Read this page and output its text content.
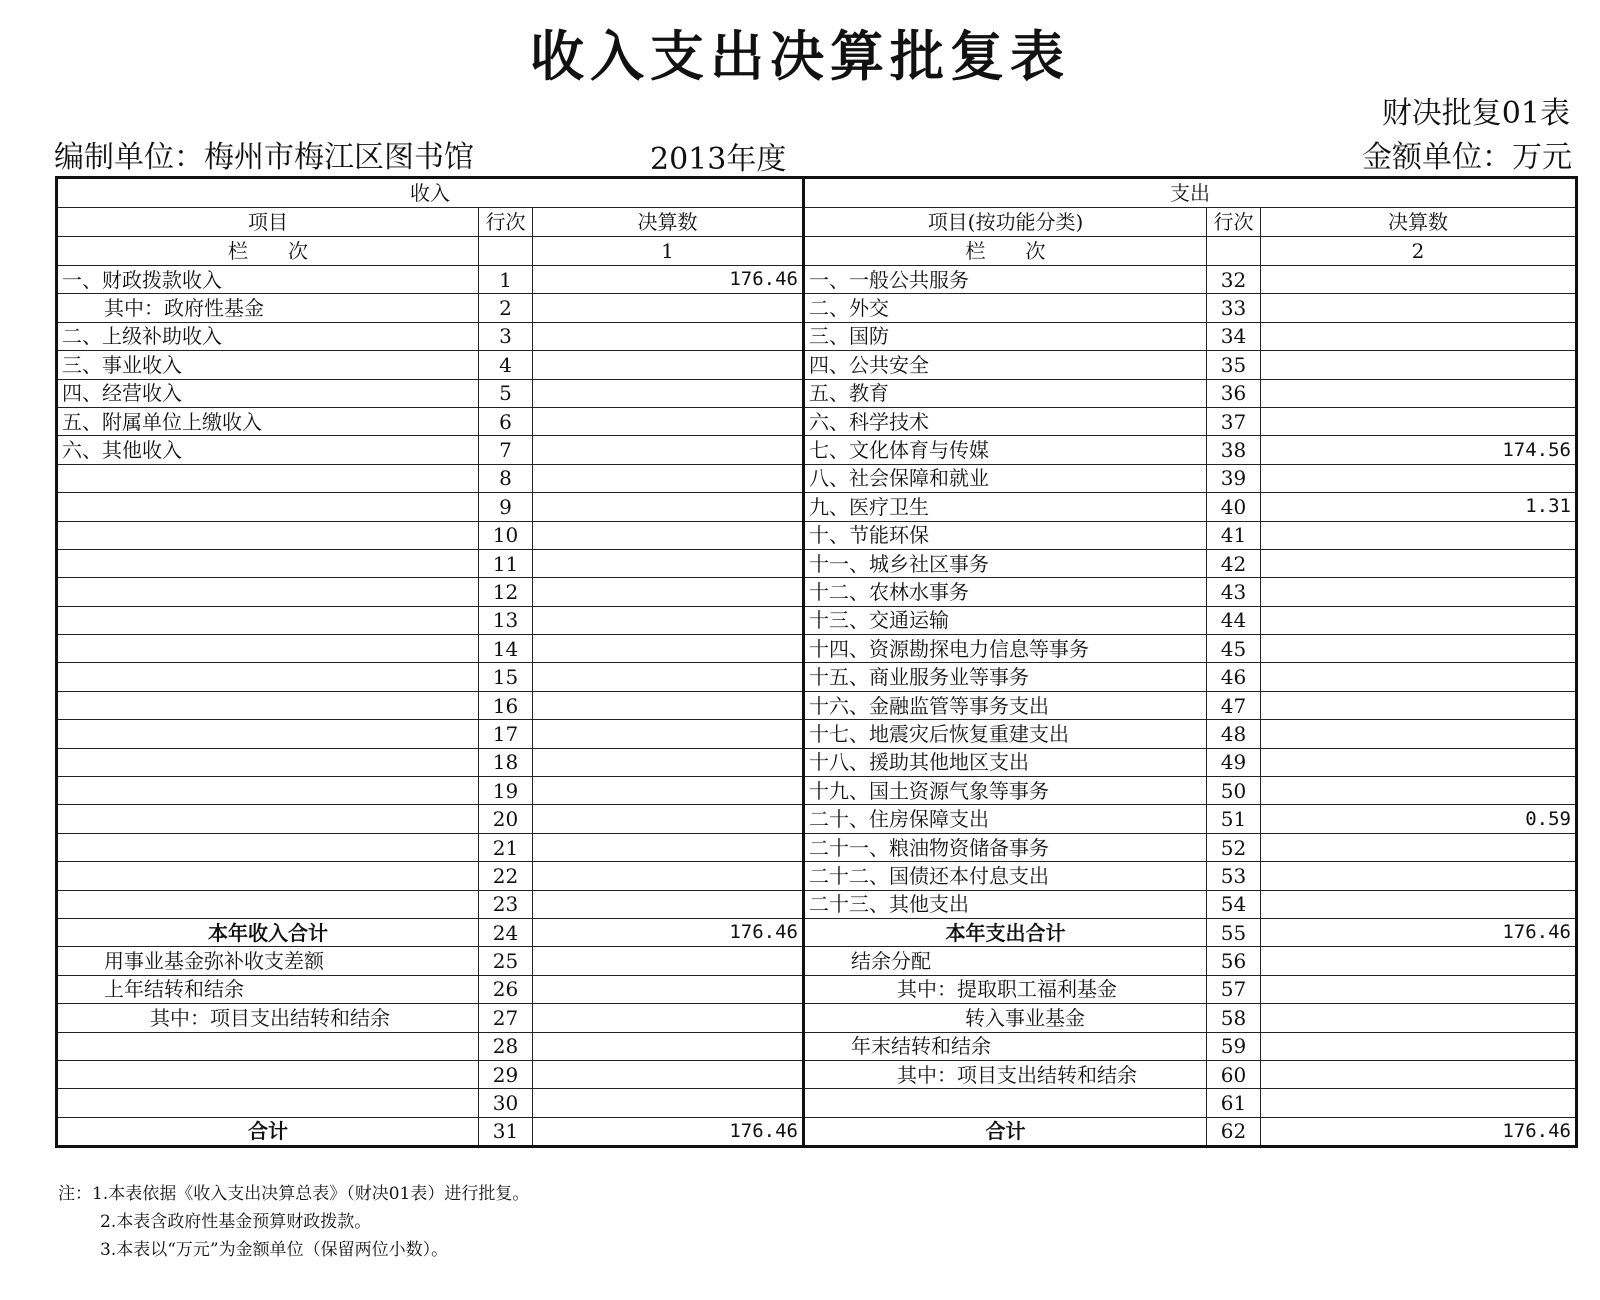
收入支出决算批复表
财决批复01表
编制单位：梅州市梅江区图书馆	2013年度	金额单位：万元
收入			支出		
项目	行次	决算数	项目(按功能分类)	行次	决算数
栏　　次		1	栏　　次		2
一、财政拨款收入	1	176.46	一、一般公共服务	32	
其中：政府性基金	2		二、外交	33	
二、上级补助收入	3		三、国防	34	
三、事业收入	4		四、公共安全	35	
四、经营收入	5		五、教育	36	
五、附属单位上缴收入	6		六、科学技术	37	
六、其他收入	7		七、文化体育与传媒	38	174.56
	8		八、社会保障和就业	39	
	9		九、医疗卫生	40	1.31
	10		十、节能环保	41	
	11		十一、城乡社区事务	42	
	12		十二、农林水事务	43	
	13		十三、交通运输	44	
	14		十四、资源勘探电力信息等事务	45	
	15		十五、商业服务业等事务	46	
	16		十六、金融监管等事务支出	47	
	17		十七、地震灾后恢复重建支出	48	
	18		十八、援助其他地区支出	49	
	19		十九、国土资源气象等事务	50	
	20		二十、住房保障支出	51	0.59
	21		二十一、粮油物资储备事务	52	
	22		二十二、国债还本付息支出	53	
	23		二十三、其他支出	54	
本年收入合计	24	176.46	本年支出合计	55	176.46
用事业基金弥补收支差额	25		结余分配	56	
上年结转和结余	26		其中：提取职工福利基金	57	
其中：项目支出结转和结余	27		转入事业基金	58	
	28		年末结转和结余	59	
	29		其中：项目支出结转和结余	60	
	30			61	
合计	31	176.46	合计	62	176.46
注：1.本表依据《收入支出决算总表》（财决01表）进行批复。
2.本表含政府性基金预算财政拨款。
3.本表以“万元”为金额单位（保留两位小数）。
